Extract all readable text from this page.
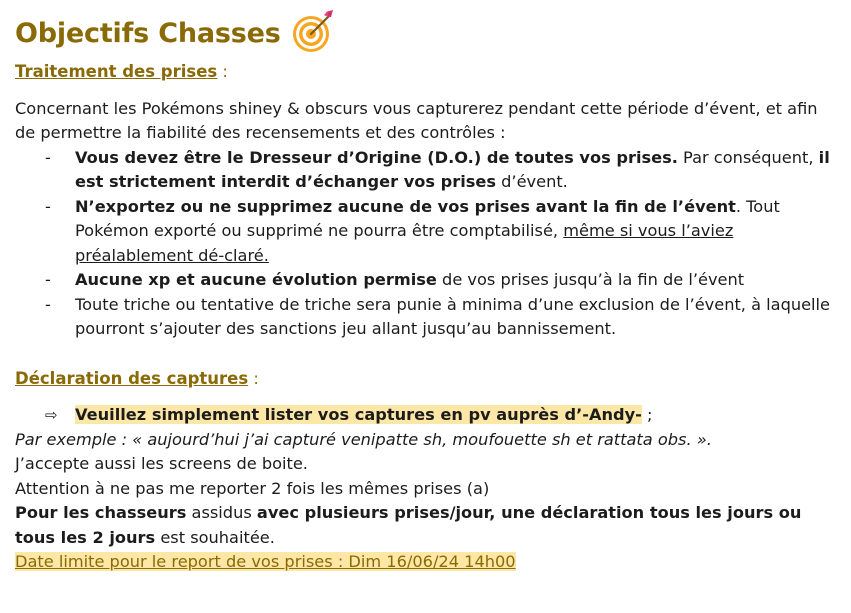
Objectifs Chasses

Traitement des prises :

Concernant les Pokémons shiney & obscurs vous capturerez pendant cette période d’évent, et afin de permettre la fiabilité des recensements et des contrôles :

- Vous devez être le Dresseur d’Origine (D.O.) de toutes vos prises. Par conséquent, il est strictement interdit d’échanger vos prises d’évent.
- N’exportez ou ne supprimez aucune de vos prises avant la fin de l’évent. Tout Pokémon exporté ou supprimé ne pourra être comptabilisé, même si vous l’aviez préalablement dé-claré.
- Aucune xp et aucune évolution permise de vos prises jusqu’à la fin de l’évent
- Toute triche ou tentative de triche sera punie à minima d’une exclusion de l’évent, à laquelle pourront s’ajouter des sanctions jeu allant jusqu’au bannissement.

Déclaration des captures :

⇨ Veuillez simplement lister vos captures en pv auprès d’-Andy- ;

Par exemple : « aujourd’hui j’ai capturé venipatte sh, moufouette sh et rattata obs. ».

J’accepte aussi les screens de boite.

Attention à ne pas me reporter 2 fois les mêmes prises (a)

Pour les chasseurs assidus avec plusieurs prises/jour, une déclaration tous les jours ou tous les 2 jours est souhaitée.

Date limite pour le report de vos prises : Dim 16/06/24 14h00
